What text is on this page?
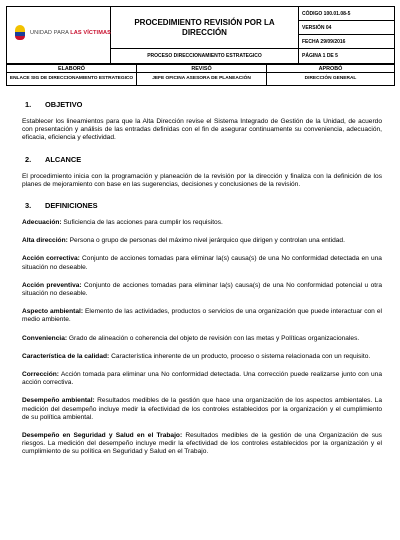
UNIDAD PARA LAS VÍCTIMAS	PROCEDIMIENTO REVISIÓN POR LA DIRECCIÓN	CÓDIGO 100.01.08-5
		VERSIÓN 04
		FECHA 29/09/2016
	PROCESO DIRECCIONAMIENTO ESTRATEGICO	PÁGINA 1 DE 5
ELABORÓ	REVISÓ	APROBÓ
ENLACE SIG DE DIRECCIONAMIENTO ESTRATEGICO	JEFE OFICINA ASESORA DE PLANEACIÓN	DIRECCIÓN GENERAL
1.	OBJETIVO

Establecer los lineamientos para que la Alta Dirección revise el Sistema Integrado de Gestión de la Unidad, de acuerdo con presentación y análisis de las entradas definidas con el fin de asegurar continuamente su conveniencia, adecuación, eficacia, eficiencia y efectividad.

2.	ALCANCE

El procedimiento inicia con la programación y planeación de la revisión por la dirección y finaliza con la definición de los planes de mejoramiento con base en las sugerencias, decisiones y conclusiones de la revisión.

3.	DEFINICIONES

Adecuación: Suficiencia de las acciones para cumplir los requisitos.

Alta dirección: Persona o grupo de personas del máximo nivel jerárquico que dirigen y controlan una entidad.

Acción correctiva: Conjunto de acciones tomadas para eliminar la(s) causa(s) de una No conformidad detectada en una situación no deseable.

Acción preventiva: Conjunto de acciones tomadas para eliminar la(s) causa(s) de una No conformidad potencial u otra situación no deseable.

Aspecto ambiental: Elemento de las actividades, productos o servicios de una organización que puede interactuar con el medio ambiente.

Conveniencia: Grado de alineación o coherencia del objeto de revisión con las metas y Políticas organizacionales.

Característica de la calidad: Característica inherente de un producto, proceso o sistema relacionada con un requisito.

Corrección: Acción tomada para eliminar una No conformidad detectada. Una corrección puede realizarse junto con una acción correctiva.

Desempeño ambiental: Resultados medibles de la gestión que hace una organización de los aspectos ambientales. La medición del desempeño incluye medir la efectividad de los controles establecidos por la organización y el cumplimiento de su política ambiental.

Desempeño en Seguridad y Salud en el Trabajo: Resultados medibles de la gestión de una Organización de sus riesgos. La medición del desempeño incluye medir la efectividad de los controles establecidos por la organización y el cumplimiento de su política en Seguridad y Salud en el Trabajo.
